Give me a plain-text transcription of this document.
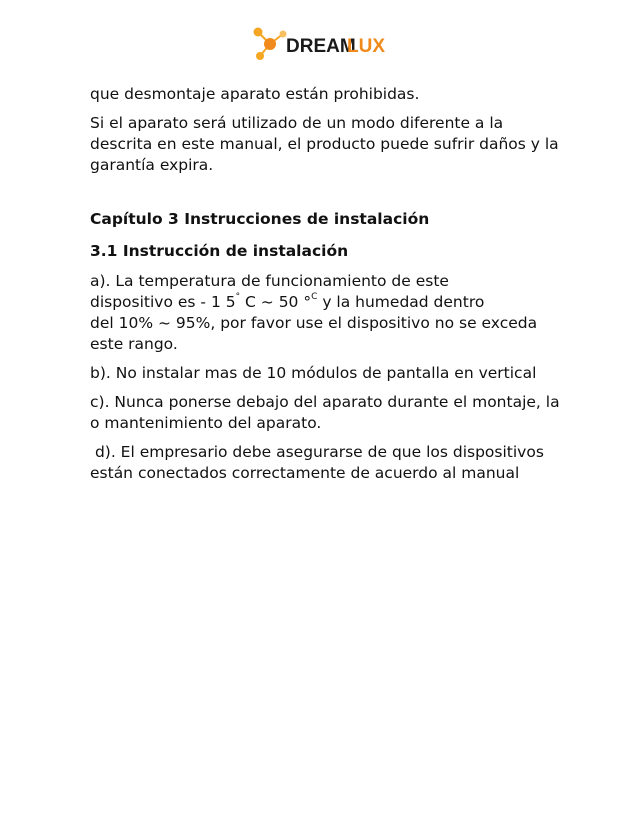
DREAM
LUX

que desmontaje aparato están prohibidas.

Si el aparato será utilizado de un modo diferente a la descrita en este manual, el producto puede sufrir daños y la garantía expira.

Capítulo 3 Instrucciones de instalación

3.1 Instrucción de instalación

a). La temperatura de funcionamiento de este
dispositivo es - 1 5° C ~ 50 °$^C$ y la humedad dentro
del 10% ~ 95%, por favor use el dispositivo no se exceda este rango.

b). No instalar mas de 10 módulos de pantalla en vertical

c). Nunca ponerse debajo del aparato durante el montaje, la o mantenimiento del aparato.

d). El empresario debe asegurarse de que los dispositivos están conectados correctamente de acuerdo al manual
